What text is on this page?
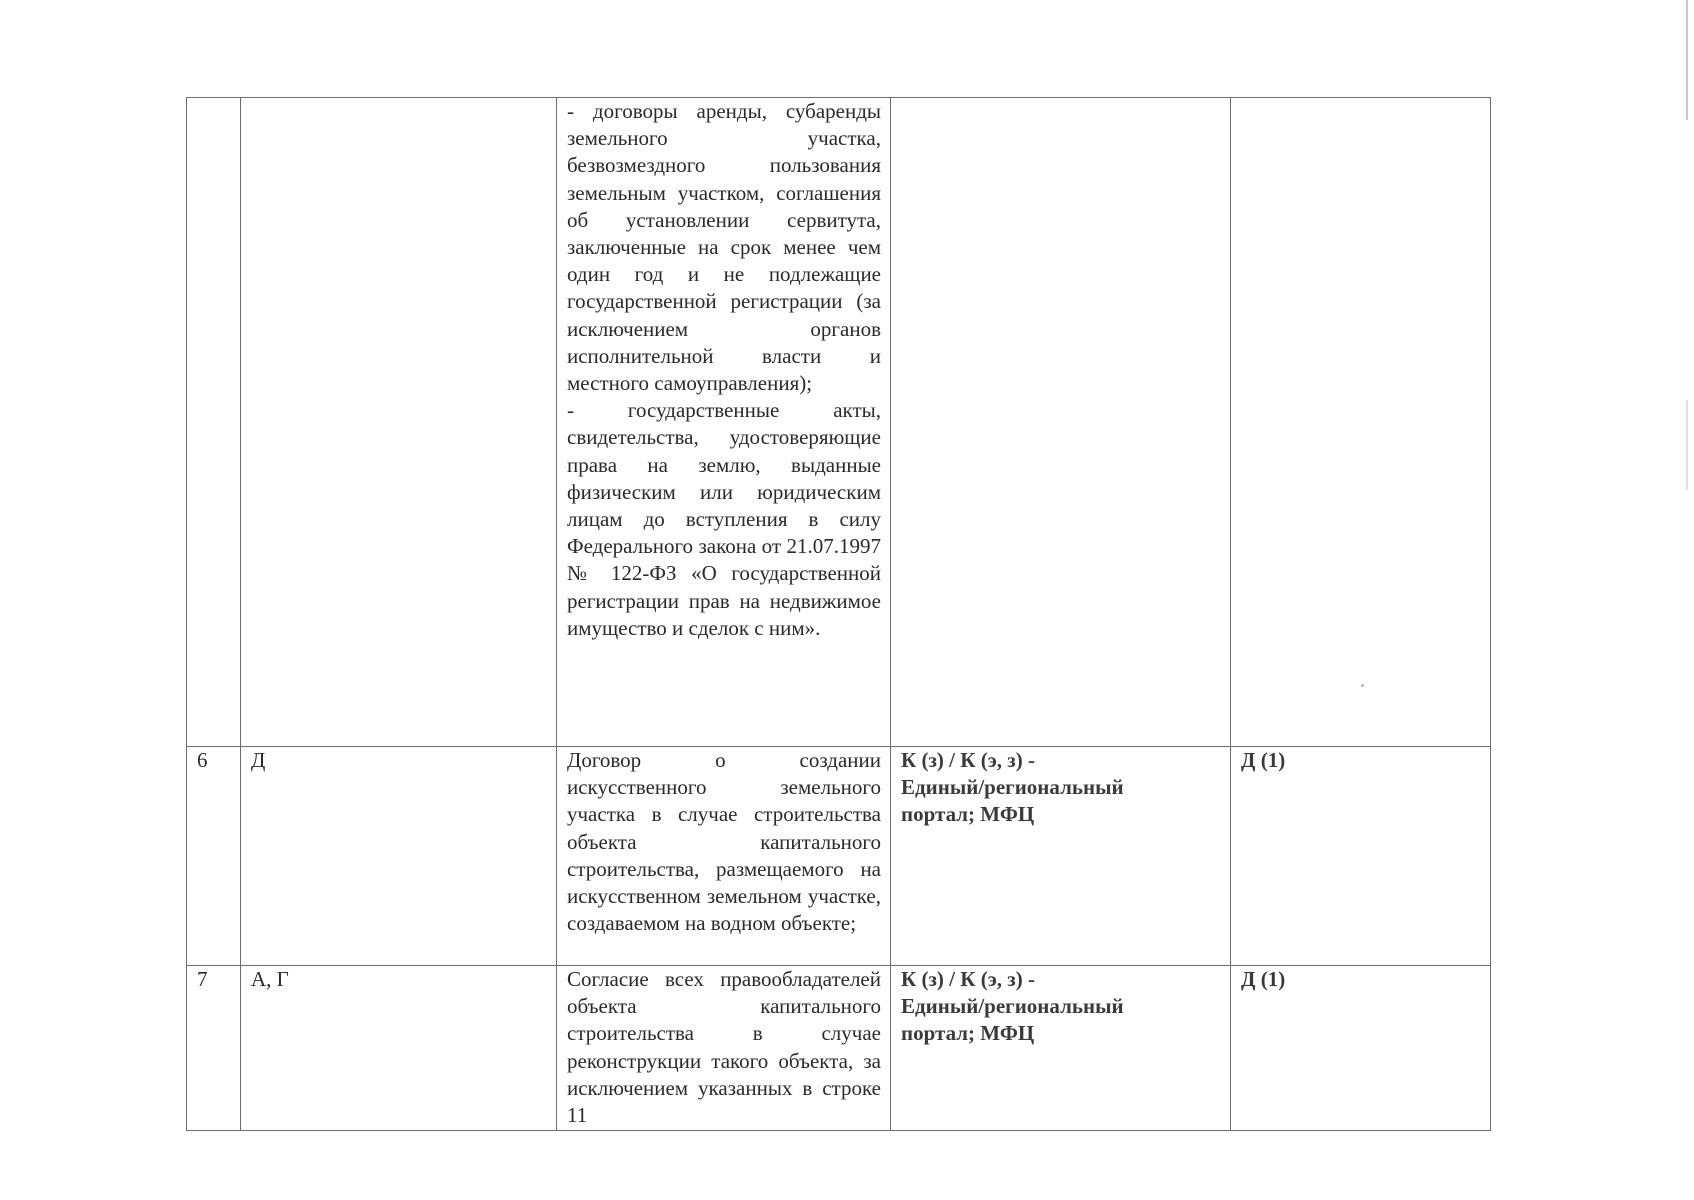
		- договоры аренды, субаренды земельного участка, безвозмездного пользования земельным участком, соглашения об установлении сервитута, заключенные на срок менее чем один год и не подлежащие государственной регистрации (за исключением органов исполнительной власти и местного самоуправления);

- государственные акты, свидетельства, удостоверяющие права на землю, выданные физическим или юридическим лицам до вступления в силу Федерального закона от 21.07.1997 № 122-ФЗ «О государственной регистрации прав на недвижимое имущество и сделок с ним».		

6	Д	Договор о создании искусственного земельного участка в случае строительства объекта капитального строительства, размещаемого на искусственном земельном участке, создаваемом на водном объекте;	К (з) / К (э, з) -
Единый/региональный
портал; МФЦ	Д (1)
7	А, Г	Согласие всех правообладателей объекта капитального строительства в случае реконструкции такого объекта, за исключением указанных в строке 11	К (з) / К (э, з) -
Единый/региональный
портал; МФЦ	Д (1)
